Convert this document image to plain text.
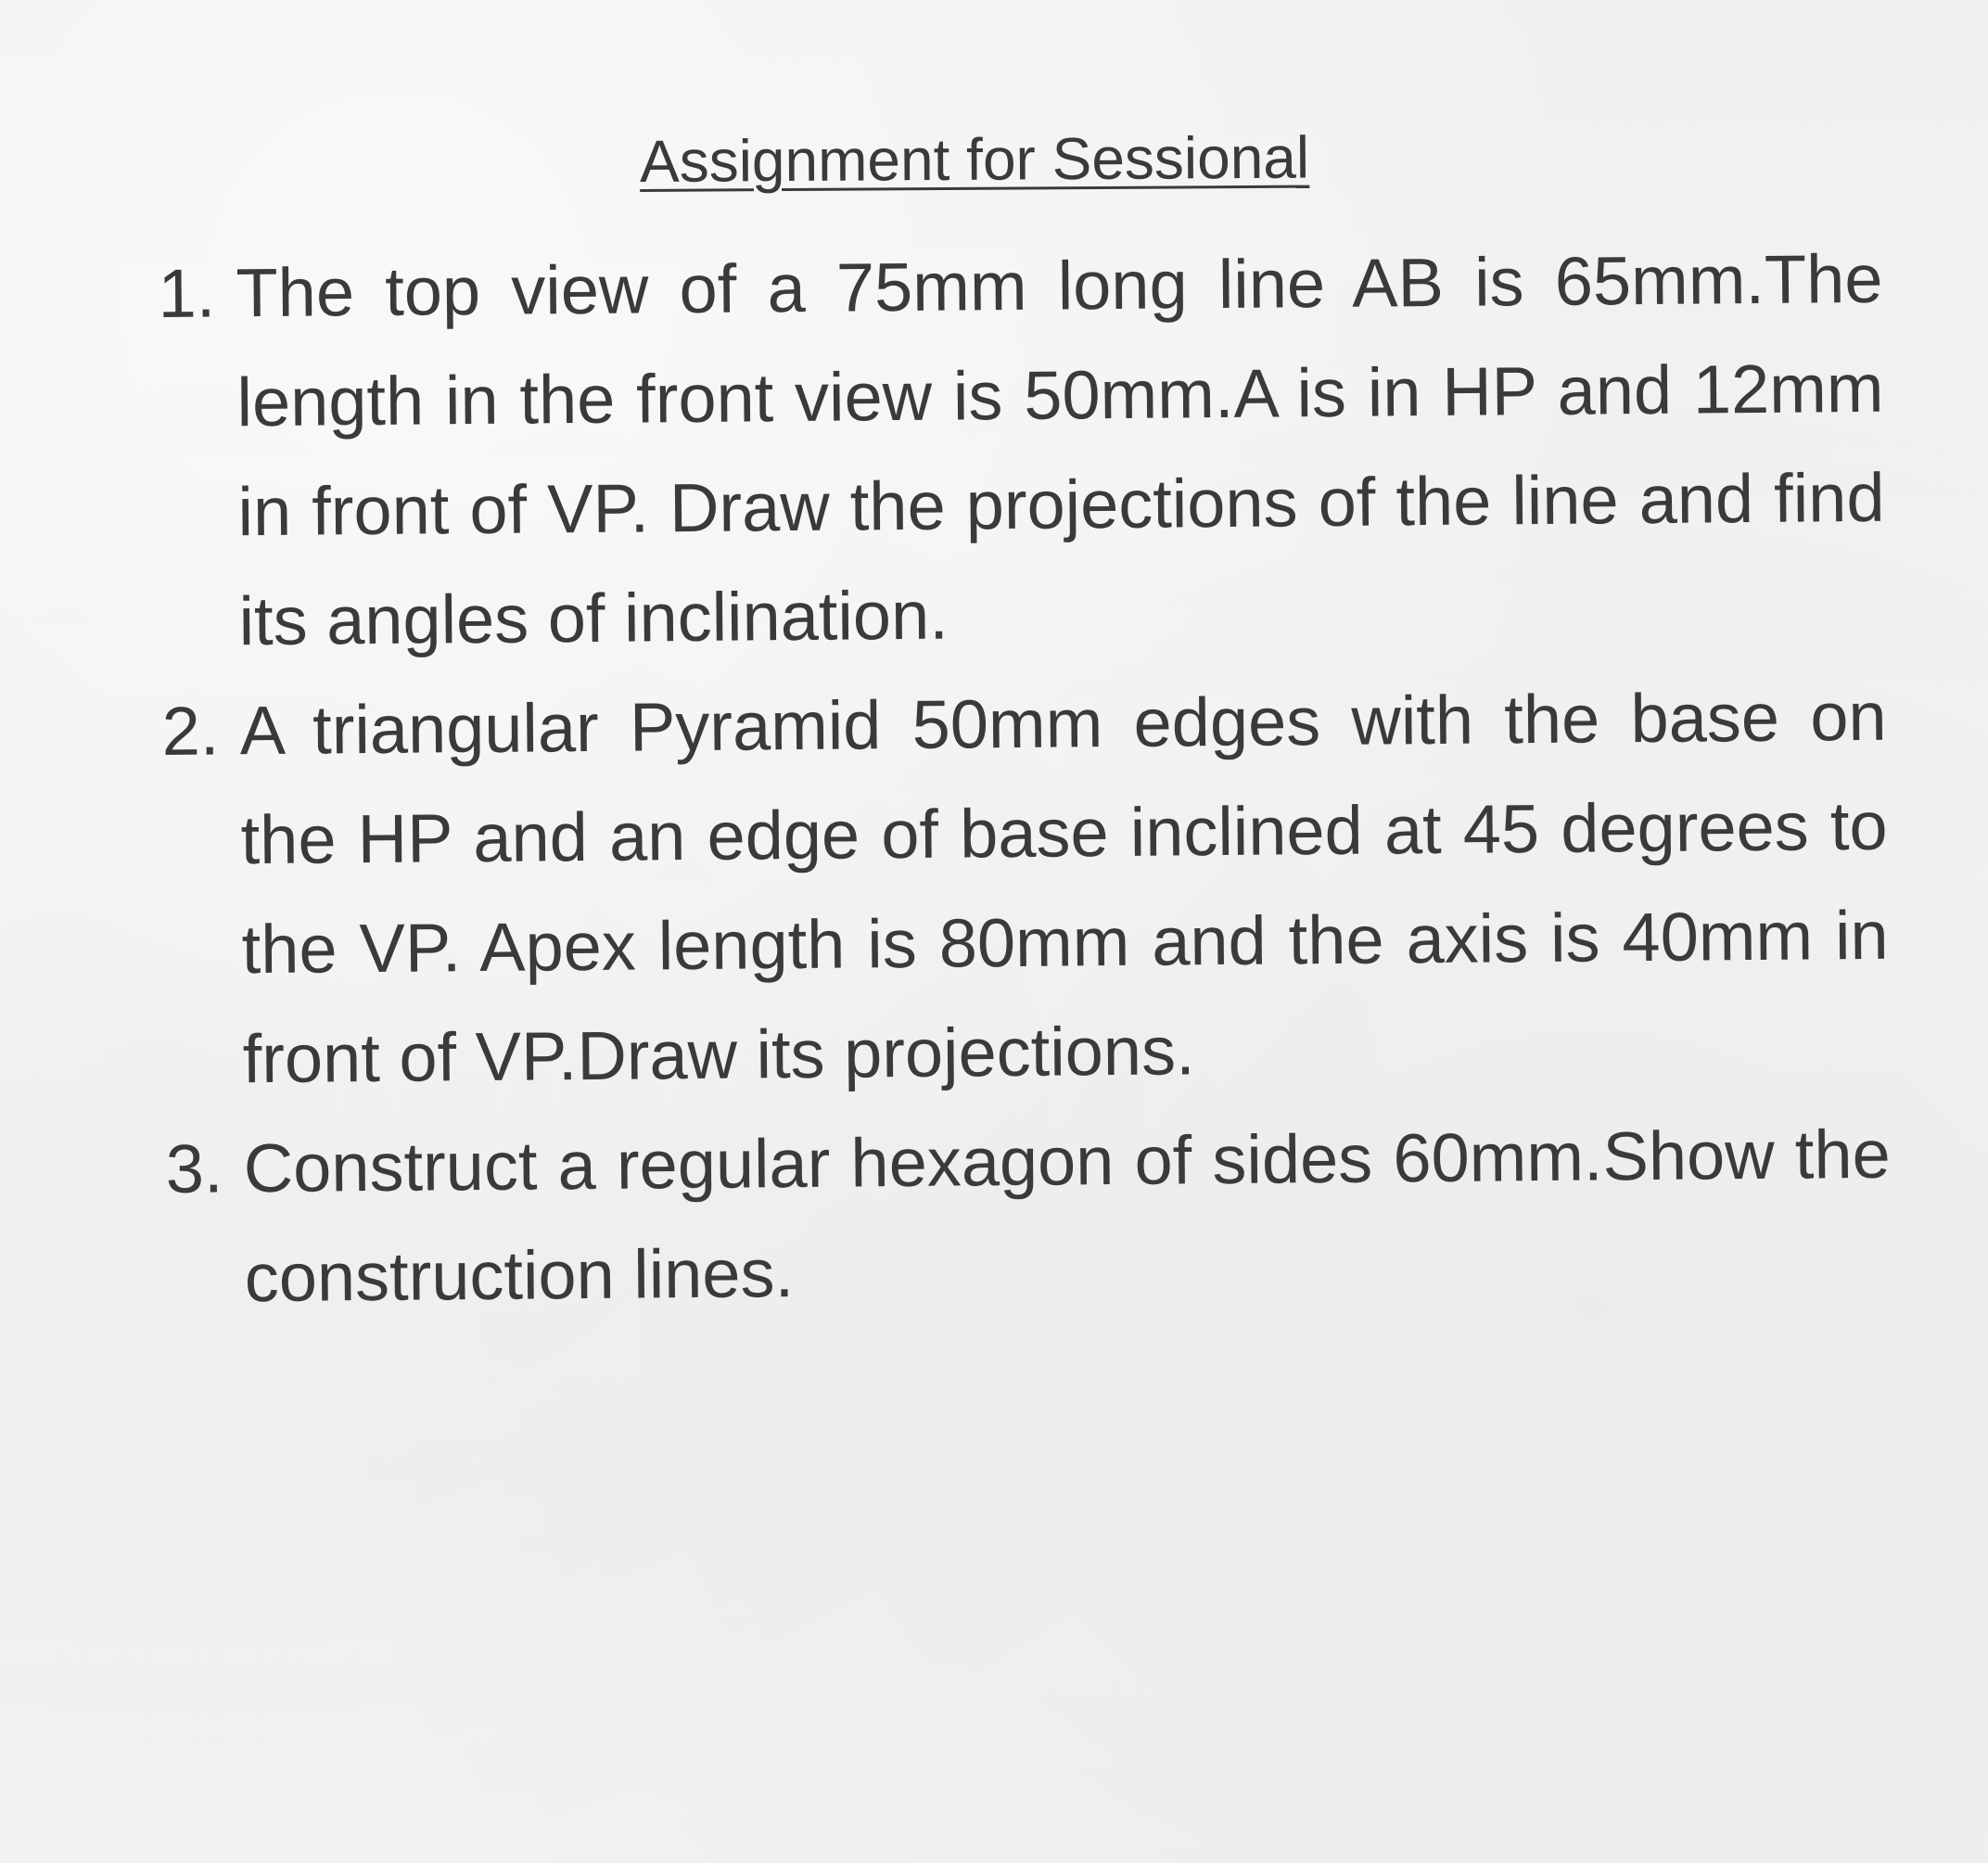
Assignment for Sessional
1. The top view of a 75mm long line AB is 65mm.The length in the front view is 50mm.A is in HP and 12mm in front of VP. Draw the projections of the line and find its angles of inclination.
2. A triangular Pyramid 50mm edges with the base on the HP and an edge of base inclined at 45 degrees to the VP. Apex length is 80mm and the axis is 40mm in front of VP.Draw its projections.
3. Construct a regular hexagon of sides 60mm.Show the construction lines.
